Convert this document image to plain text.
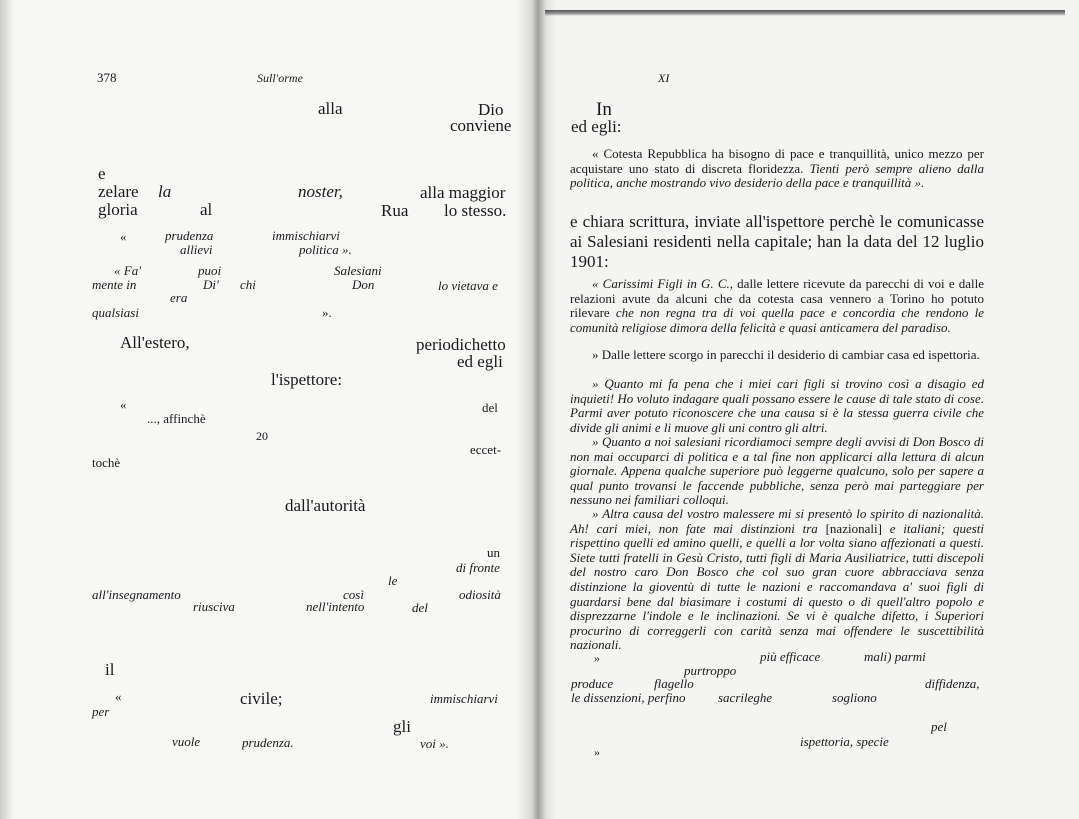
378	Sull'orme
alla	Dio
conviene
e
zelare la	noster,	alla maggior
gloria	al	Rua lo stesso.
«	prudenza	immischiarvi
allievi	politica ».
« Fa'	puoi	Salesiani
mente in	Di' chi	Don	lo vietava e
era
qualsiasi	».
All'estero,	periodichetto
ed egli
l'ispettore:
«	del
..., affinchè
20
eccet-
tochè
dall'autorità
un
di fronte
le
all'insegnamento	così	odiosità
riusciva	nell'intento	del
il
«	civile;	immischiarvi
per
gli
vuole	prudenza.	voi ».
XI
In
ed egli:
« Cotesta Repubblica ha bisogno di pace e tranquillità, unico mezzo per acquistare uno stato di discreta floridezza. Tienti però sempre alieno dalla politica, anche mostrando vivo desiderio della pace e tranquillità ».
e chiara scrittura, inviate all'ispettore perchè le comunicasse ai Salesiani residenti nella capitale; han la data del 12 luglio 1901:
« Carissimi Figli in G. C., dalle lettere ricevute da parecchi di voi e dalle relazioni avute da alcuni che da cotesta casa vennero a Torino ho potuto rilevare che non regna tra di voi quella pace e concordia che rendono le comunità religiose dimora della felicità e quasi anticamera del paradiso.
» Dalle lettere scorgo in parecchi il desiderio di cambiar casa ed ispettoria.
» Quanto mi fa pena che i miei cari figli si trovino così a disagio ed inquieti! Ho voluto indagare quali possano essere le cause di tale stato di cose. Parmi aver potuto riconoscere che una causa si è la stessa guerra civile che divide gli animi e li muove gli uni contro gli altri.
» Quanto a noi salesiani ricordiamoci sempre degli avvisi di Don Bosco di non mai occuparci di politica e a tal fine non applicarci alla lettura di alcun giornale. Appena qualche superiore può leggerne qualcuno, solo per sapere a qual punto trovansi le faccende pubbliche, senza però mai parteggiare per nessuno nei familiari colloqui.
» Altra causa del vostro malessere mi si presentò lo spirito di nazionalità. Ah! cari miei, non fate mai distinzioni tra [nazionali] e italiani; questi rispettino quelli ed amino quelli, e quelli a lor volta siano affezionati a questi. Siete tutti fratelli in Gesù Cristo, tutti figli di Maria Ausiliatrice, tutti discepoli del nostro caro Don Bosco che col suo gran cuore abbracciava senza distinzione la gioventù di tutte le nazioni e raccomandava a' suoi figli di guardarsi bene dal biasimare i costumi di questo o di quell'altro popolo e disprezzarne l'indole e le inclinazioni. Se vi è qualche difetto, i Superiori procurino di correggerli con carità senza mai offendere le suscettibilità nazionali.
»	più efficace	mali) parmi
purtroppo
produce	flagello	diffidenza,
le dissenzioni, perfino	sacrileghe	sogliono
»
pel
ispettoria, specie
